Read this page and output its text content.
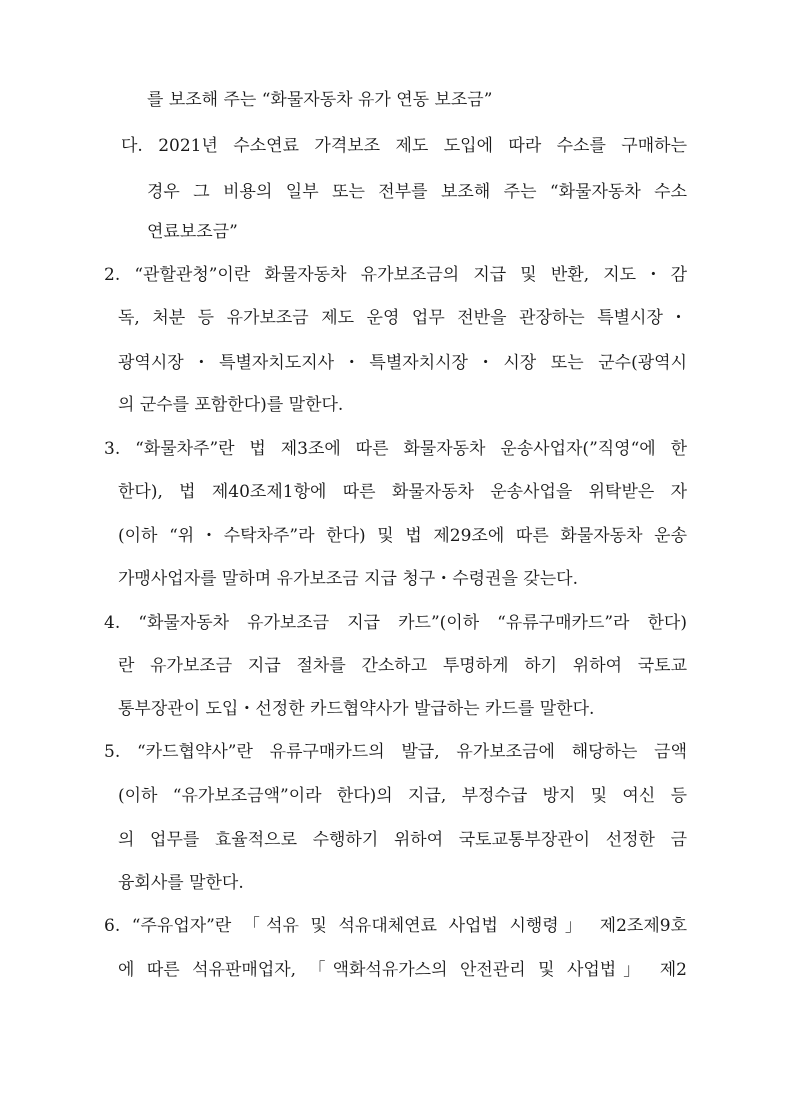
를 보조해 주는 “화물자동차 유가 연동 보조금”
다. 2021년 수소연료 가격보조 제도 도입에 따라 수소를 구매하는
경우 그 비용의 일부 또는 전부를 보조해 주는 “화물자동차 수소
연료보조금”
2. “관할관청”이란 화물자동차 유가보조금의 지급 및 반환, 지도・감
독, 처분 등 유가보조금 제도 운영 업무 전반을 관장하는 특별시장・
광역시장・특별자치도지사・특별자치시장・시장 또는 군수(광역시
의 군수를 포함한다)를 말한다.
3. “화물차주”란 법 제3조에 따른 화물자동차 운송사업자(”직영“에 한
한다), 법 제40조제1항에 따른 화물자동차 운송사업을 위탁받은 자
(이하 “위・수탁차주”라 한다) 및 법 제29조에 따른 화물자동차 운송
가맹사업자를 말하며 유가보조금 지급 청구・수령권을 갖는다.
4. “화물자동차 유가보조금 지급 카드”(이하 “유류구매카드”라 한다)
란 유가보조금 지급 절차를 간소하고 투명하게 하기 위하여 국토교
통부장관이 도입・선정한 카드협약사가 발급하는 카드를 말한다.
5. “카드협약사”란 유류구매카드의 발급, 유가보조금에 해당하는 금액
(이하 “유가보조금액”이라 한다)의 지급, 부정수급 방지 및 여신 등
의 업무를 효율적으로 수행하기 위하여 국토교통부장관이 선정한 금
융회사를 말한다.
6. “주유업자”란 「석유 및 석유대체연료 사업법 시행령」 제2조제9호
에 따른 석유판매업자, 「액화석유가스의 안전관리 및 사업법」 제2
